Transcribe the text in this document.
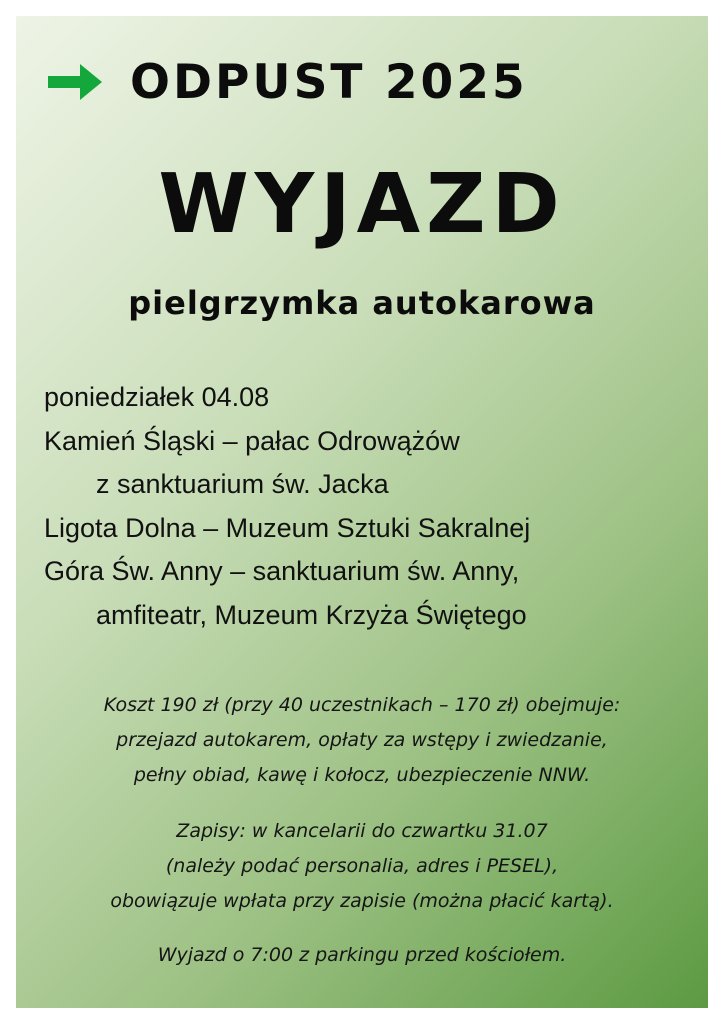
ODPUST 2025
WYJAZD
pielgrzymka autokarowa
poniedziałek 04.08
Kamień Śląski – pałac Odrowążów
z sanktuarium św. Jacka
Ligota Dolna – Muzeum Sztuki Sakralnej
Góra Św. Anny – sanktuarium św. Anny,
amfiteatr, Muzeum Krzyża Świętego
Koszt 190 zł (przy 40 uczestnikach – 170 zł) obejmuje:
przejazd autokarem, opłaty za wstępy i zwiedzanie,
pełny obiad, kawę i kołocz, ubezpieczenie NNW.
Zapisy: w kancelarii do czwartku 31.07
(należy podać personalia, adres i PESEL),
obowiązuje wpłata przy zapisie (można płacić kartą).
Wyjazd o 7:00 z parkingu przed kościołem.
